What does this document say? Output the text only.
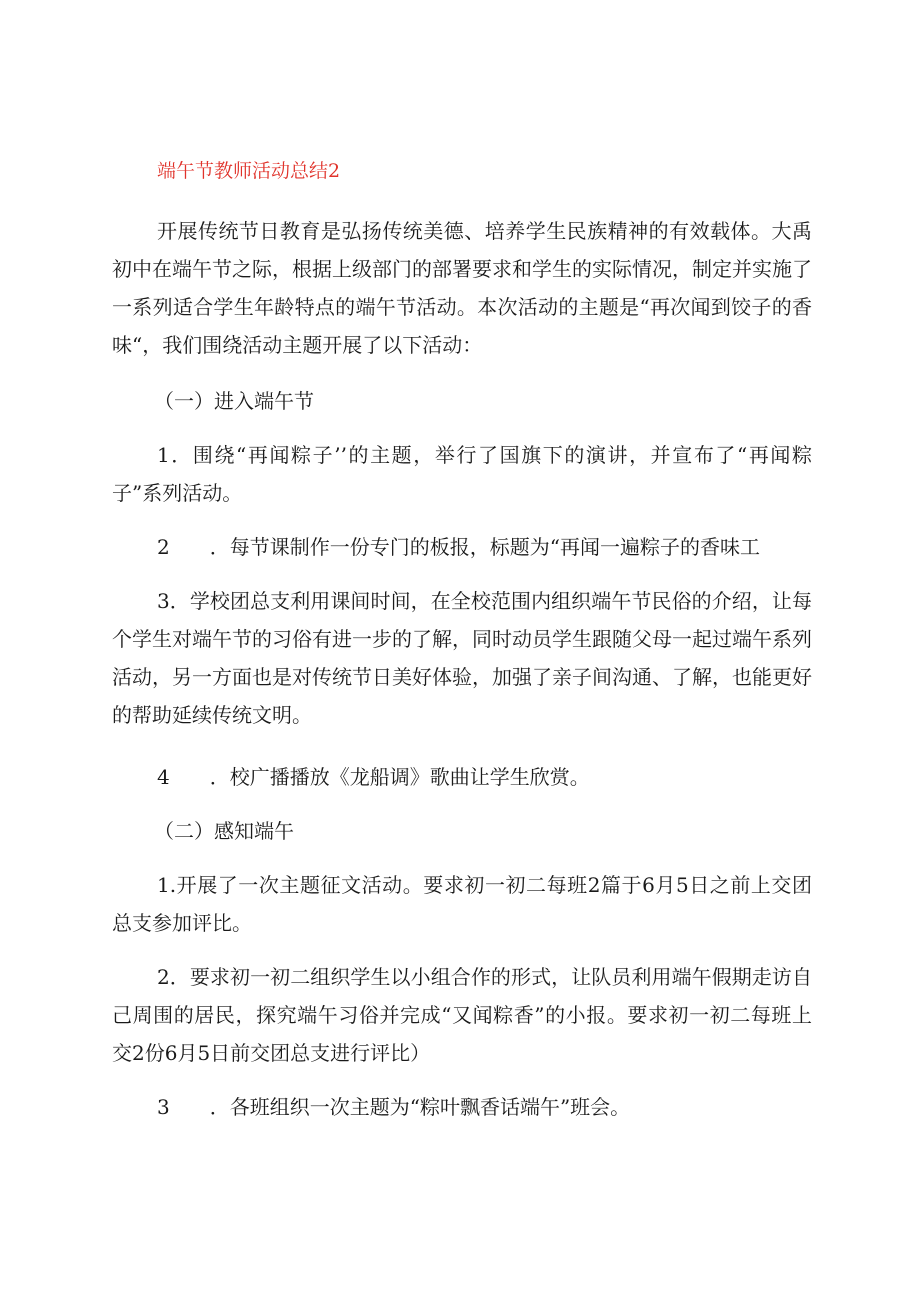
端午节教师活动总结2

开展传统节日教育是弘扬传统美德、培养学生民族精神的有效载体。大禹初中在端午节之际，根据上级部门的部署要求和学生的实际情况，制定并实施了一系列适合学生年龄特点的端午节活动。本次活动的主题是“再次闻到饺子的香味“，我们围绕活动主题开展了以下活动：

（一）进入端午节

1．围绕“再闻粽子’’的主题，举行了国旗下的演讲，并宣布了“再闻粽子”系列活动。

2　　．每节课制作一份专门的板报，标题为“再闻一遍粽子的香味工

3．学校团总支利用课间时间，在全校范围内组织端午节民俗的介绍，让每个学生对端午节的习俗有进一步的了解，同时动员学生跟随父母一起过端午系列活动，另一方面也是对传统节日美好体验，加强了亲子间沟通、了解，也能更好的帮助延续传统文明。

4　　．校广播播放《龙船调》歌曲让学生欣赏。

（二）感知端午

1.开展了一次主题征文活动。要求初一初二每班2篇于6月5日之前上交团总支参加评比。

2．要求初一初二组织学生以小组合作的形式，让队员利用端午假期走访自己周围的居民，探究端午习俗并完成“又闻粽香”的小报。要求初一初二每班上交2份6月5日前交团总支进行评比）

3　　．各班组织一次主题为“粽叶飘香话端午”班会。
